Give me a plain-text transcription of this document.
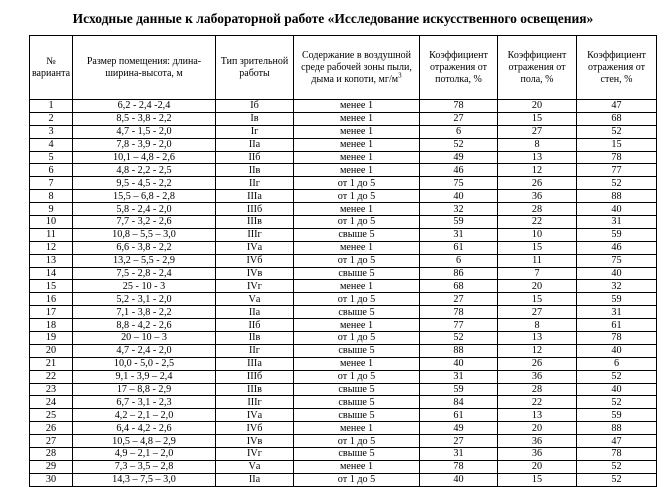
Исходные данные к лабораторной работе «Исследование искусственного освещения»
№ варианта	Размер помещения: длина-ширина-высота, м	Тип зрительной работы	Содержание в воздушной среде рабочей зоны пыли, дыма и копоти, $мг/м^3$	Коэффициент отражения от потолка, %	Коэффициент отражения от пола, %	Коэффициент отражения от стен, %
1	6,2 - 2,4 -2,4	Iб	менее 1	78	20	47
2	8,5 - 3,8 - 2,2	Iв	менее 1	27	15	68
3	4,7 - 1,5 - 2,0	Iг	менее 1	6	27	52
4	7,8 - 3,9 - 2,0	IIа	менее 1	52	8	15
5	10,1 – 4,8 - 2,6	IIб	менее 1	49	13	78
6	4,8 - 2,2 - 2,5	IIв	менее 1	46	12	77
7	9,5 - 4,5 - 2,2	IIг	от 1 до 5	75	26	52
8	15,5 – 6,8 - 2,8	IIIа	от 1 до 5	40	36	88
9	5,8 - 2,4 - 2,0	IIIб	менее 1	32	28	40
10	7,7 - 3,2 - 2,6	IIIв	от 1 до 5	59	22	31
11	10,8 – 5,5 – 3,0	IIIг	свыше 5	31	10	59
12	6,6 - 3,8 - 2,2	IVа	менее 1	61	15	46
13	13,2 – 5,5 - 2,9	IVб	от 1 до 5	6	11	75
14	7,5 - 2,8 - 2,4	IVв	свыше 5	86	7	40
15	25 - 10 - 3	IVг	менее 1	68	20	32
16	5,2 - 3,1 - 2,0	Vа	от 1 до 5	27	15	59
17	7,1 - 3,8 - 2,2	IIа	свыше 5	78	27	31
18	8,8 - 4,2 - 2,6	IIб	менее 1	77	8	61
19	20 – 10 – 3	IIв	от 1 до 5	52	13	78
20	4,7 - 2,4 - 2,0	IIг	свыше 5	88	12	40
21	10,0 - 5,0 - 2,5	IIIа	менее 1	40	26	6
22	9,1 - 3,9 – 2,4	IIIб	от 1 до 5	31	36	52
23	17 – 8,8 - 2,9	IIIв	свыше 5	59	28	40
24	6,7 - 3,1 - 2,3	IIIг	свыше 5	84	22	52
25	4,2 – 2,1 – 2,0	IVа	свыше 5	61	13	59
26	6,4 - 4,2 - 2,6	IVб	менее 1	49	20	88
27	10,5 – 4,8 – 2,9	IVв	от 1 до 5	27	36	47
28	4,9 – 2,1 – 2,0	IVг	свыше 5	31	36	78
29	7,3 – 3,5 – 2,8	Vа	менее 1	78	20	52
30	14,3 – 7,5 – 3,0	IIа	от 1 до 5	40	15	52
